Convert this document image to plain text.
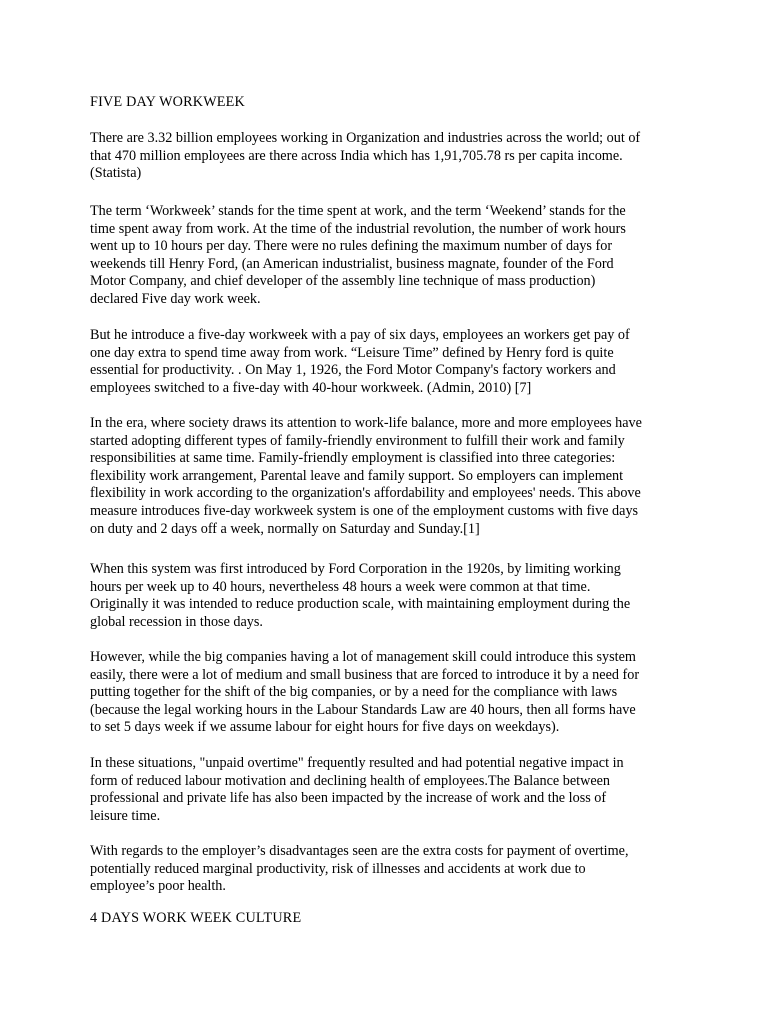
FIVE DAY WORKWEEK

There are 3.32 billion employees working in Organization and industries across the world; out of
that 470 million employees are there across India which has 1,91,705.78 rs per capita income.
(Statista)

The term ‘Workweek’ stands for the time spent at work, and the term ‘Weekend’ stands for the
time spent away from work. At the time of the industrial revolution, the number of work hours
went up to 10 hours per day. There were no rules defining the maximum number of days for
weekends till Henry Ford, (an American industrialist, business magnate, founder of the Ford
Motor Company, and chief developer of the assembly line technique of mass production)
declared Five day work week.

But he introduce a five-day workweek with a pay of six days, employees an workers get pay of
one day extra to spend time away from work. “Leisure Time” defined by Henry ford is quite
essential for productivity. . On May 1, 1926, the Ford Motor Company's factory workers and
employees switched to a five-day with 40-hour workweek. (Admin, 2010) [7]

In the era, where society draws its attention to work-life balance, more and more employees have
started adopting different types of family-friendly environment to fulfill their work and family
responsibilities at same time. Family-friendly employment is classified into three categories:
flexibility work arrangement, Parental leave and family support. So employers can implement
flexibility in work according to the organization's affordability and employees' needs. This above
measure introduces five-day workweek system is one of the employment customs with five days
on duty and 2 days off a week, normally on Saturday and Sunday.[1]

When this system was first introduced by Ford Corporation in the 1920s, by limiting working
hours per week up to 40 hours, nevertheless 48 hours a week were common at that time.
Originally it was intended to reduce production scale, with maintaining employment during the
global recession in those days.

However, while the big companies having a lot of management skill could introduce this system
easily, there were a lot of medium and small business that are forced to introduce it by a need for
putting together for the shift of the big companies, or by a need for the compliance with laws
(because the legal working hours in the Labour Standards Law are 40 hours, then all forms have
to set 5 days week if we assume labour for eight hours for five days on weekdays).

In these situations, "unpaid overtime" frequently resulted and had potential negative impact in
form of reduced labour motivation and declining health of employees.The Balance between
professional and private life has also been impacted by the increase of work and the loss of
leisure time.

With regards to the employer’s disadvantages seen are the extra costs for payment of overtime,
potentially reduced marginal productivity, risk of illnesses and accidents at work due to
employee’s poor health.

4 DAYS WORK WEEK CULTURE
